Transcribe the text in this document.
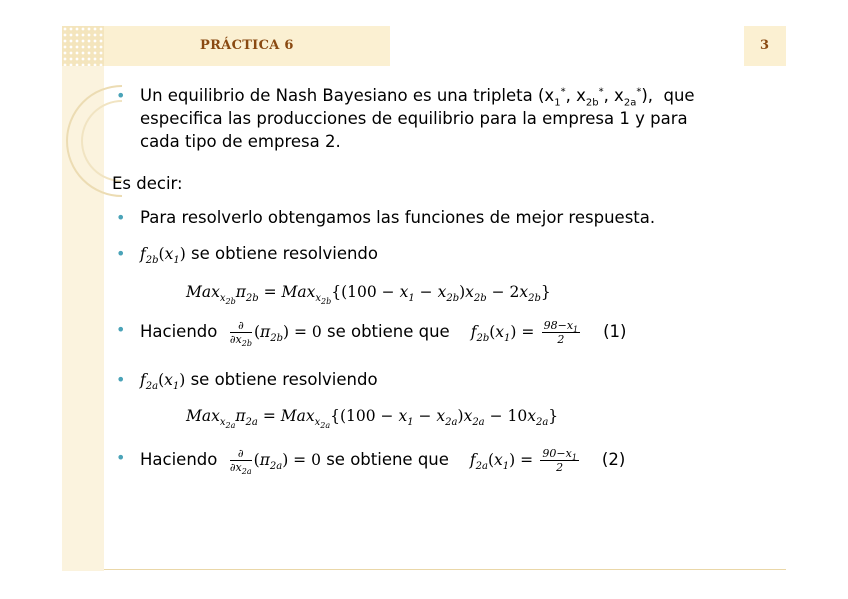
PRÁCTICA 6	3
• Un equilibrio de Nash Bayesiano es una tripleta ($x_1^*$, $x_{2b}^*$, $x_{2a}^*$),  que
especifica las producciones de equilibrio para la empresa 1 y para
cada tipo de empresa 2.
Es decir:
• Para resolverlo obtengamos las funciones de mejor respuesta.
• $f_{2b}(x_1)$ se obtiene resolviendo
$Max_{x_{2b}}\pi_{2b} = Max_{x_{2b}}\{(100 - x_1 - x_{2b})x_{2b} - 2x_{2b}\}$
• Haciendo $\frac{\partial}{\partial x_{2b}} (\pi_{2b}) = 0$ se obtiene que    $f_{2b}(x_1) = \frac{98-x_1}{2} (1)$
• $f_{2a}(x_1)$ se obtiene resolviendo
$Max_{x_{2a}}\pi_{2a} = Max_{x_{2a}}\{(100 - x_1 - x_{2a})x_{2a} - 10x_{2a}\}$
• Haciendo $\frac{\partial}{\partial x_{2a}} (\pi_{2a}) = 0$ se obtiene que    $f_{2a}(x_1) = \frac{90-x_1}{2} (2)$
